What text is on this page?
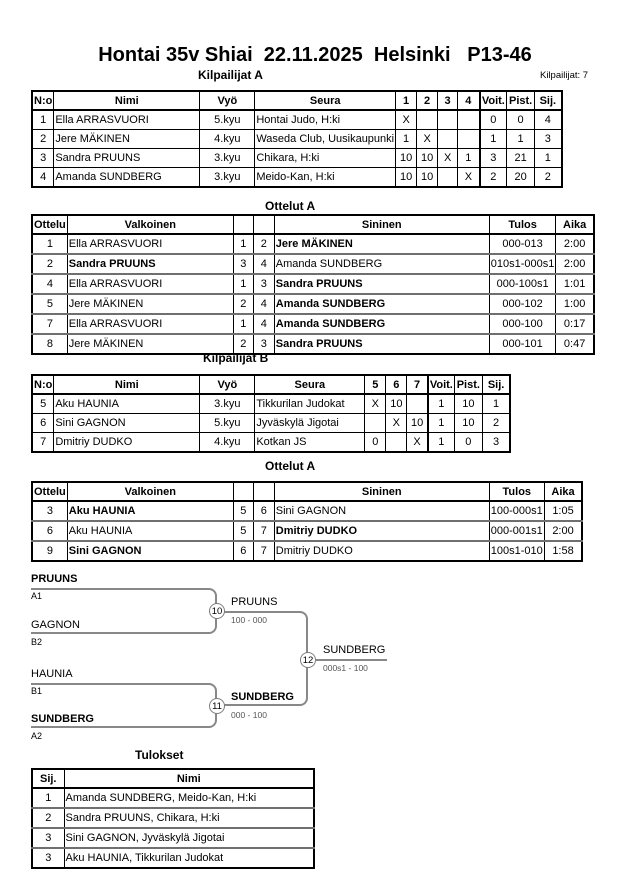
Hontai 35v Shiai  22.11.2025  Helsinki   P13-46
Kilpailijat A	Kilpailijat: 7
N:o	Nimi	Vyö	Seura	1	2	3	4	Voit.	Pist.	Sij.
1	Ella ARRASVUORI	5.kyu	Hontai Judo, H:ki	X				0	0	4
2	Jere MÄKINEN	4.kyu	Waseda Club, Uusikaupunki	1	X			1	1	3
3	Sandra PRUUNS	3.kyu	Chikara, H:ki	10	10	X	1	3	21	1
4	Amanda SUNDBERG	3.kyu	Meido-Kan, H:ki	10	10		X	2	20	2
Ottelut A
Ottelu	Valkoinen			Sininen	Tulos	Aika
1	Ella ARRASVUORI	1	2	Jere MÄKINEN	000-013	2:00
2	Sandra PRUUNS	3	4	Amanda SUNDBERG	010s1-000s1	2:00
4	Ella ARRASVUORI	1	3	Sandra PRUUNS	000-100s1	1:01
5	Jere MÄKINEN	2	4	Amanda SUNDBERG	000-102	1:00
7	Ella ARRASVUORI	1	4	Amanda SUNDBERG	000-100	0:17
8	Jere MÄKINEN	2	3	Sandra PRUUNS	000-101	0:47
Kilpailijat B
N:o	Nimi	Vyö	Seura	5	6	7	Voit.	Pist.	Sij.
5	Aku HAUNIA	3.kyu	Tikkurilan Judokat	X	10		1	10	1
6	Sini GAGNON	5.kyu	Jyväskylä Jigotai		X	10	1	10	2
7	Dmitriy DUDKO	4.kyu	Kotkan JS	0		X	1	0	3
Ottelut A
Ottelu	Valkoinen			Sininen	Tulos	Aika
3	Aku HAUNIA	5	6	Sini GAGNON	100-000s1	1:05
6	Aku HAUNIA	5	7	Dmitriy DUDKO	000-001s1	2:00
9	Sini GAGNON	6	7	Dmitriy DUDKO	100s1-010	1:58
10
11
12
PRUUNS
A1
GAGNON
B2
HAUNIA
B1
SUNDBERG
A2
PRUUNS
100 - 000
SUNDBERG
000 - 100
SUNDBERG
000s1 - 100
Tulokset
Sij.	Nimi
1	Amanda SUNDBERG, Meido-Kan, H:ki
2	Sandra PRUUNS, Chikara, H:ki
3	Sini GAGNON, Jyväskylä Jigotai
3	Aku HAUNIA, Tikkurilan Judokat
